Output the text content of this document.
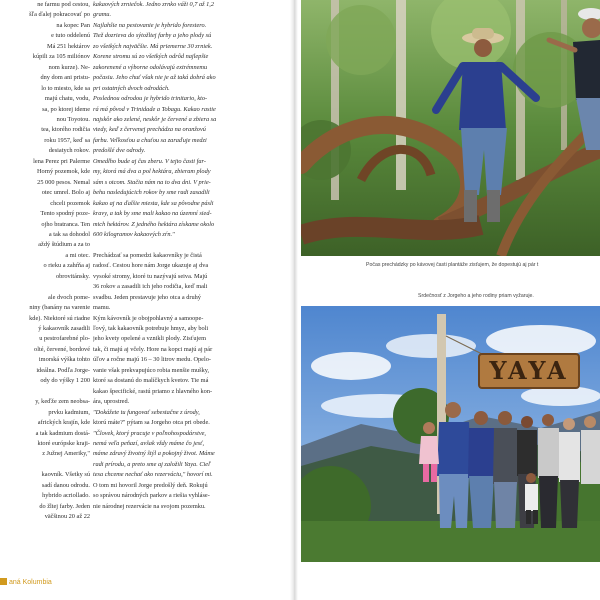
ne farmu pod cestou,

šľa ďalej pokracovať po

na kopec Pan

e tuto oddelenú

Má 251 hektárov

kúpili za 105 miliónov

nom kurze). Ne-

dny dom ani pristu-

lo to miesto, kde sa

majú chatu, vodu,

sa, po ktorej ideme

nou Toyotou.

tea, ktorého rodičia

roku 1957, keď sa

desiatych rokov.

lena Perez pri Palerme

Horný pozemok, kde

25 000 pesos. Nemal

otec umrel. Bolo aj

chceli pozemok

Tento spodný poze-

ojho bratranca. Ten

a tak sa dohodol

aždý štúdium a za to

a mi otec.

o rieku a zahŕňa aj

obrovitánsky.

ale dvoch pome-

niny (banány na varenie

kde). Niektoré sú riadne

ý kakaovník zasadili

u pestrofarebné plo-

olté, červené, bordové

imorská výška tohto

ideálna. Podľa Jorge-

ody do výšky 1 200

y, keďže zem neobsa-

prvku kadmium,

afrických krajín, kde

a tak kadmium dostá-

ktoré európske kraji-

z Južnej Ameriky,"

kaovník. Všetky sú

sadí danou odrodu.

hybrido acriollado.

do žltej farby. Jeden

väčšinou 20 až 22

kakaových zrniečok. Jedno zrnko váži 0,7 až 1,2

gramu.

Najlahšie na pestovanie je hybrido forestero.

Tiež dozrieva do sýtožltej farby a jeho plody sú

zo všetkých najväčšie. Má priemerne 30 zrniek.

Korene stromu sú zo všetkých odrôd najlepšie

zakorenené a výborne odolávajú extrémnemu

počasiu. Jeho chuť však nie je až taká dobrá ako

pri ostatných dvoch odrodách.

Poslednou odrodou je hybrido trinitario, kto-

rá má pôvod v Trinidade a Tobagu. Kakao rastie

najskôr ako zelené, neskôr je červené a zbiera sa

vtedy, keď z červenej prechádza na oranžovú

farbu. Veľkosťou a chuťou sa zaraďuje medzi

predošlé dve odrody.

Omedlho bude aj čas zberu. V tejto časti far-

my, ktorá má dva a pol hektára, zbieram plody

sám s otcom. Stačia nám na to dva dni. V prie-

behu nasledujúcich rokov by sme radi zasadili

kakao aj na ďalšie miesta, kde sa pôvodne pásli

kravy, a tak by sme mali kakao na územní sied-

mich hektárov. Z jedného hektára získame okolo

600 kilogramov kakaových zŕn."

Prechádzať sa pomedzi kakaovníky je čistá

radosť. Cestou hore nám Jorge ukazuje aj dva

vysoké stromy, ktoré tu nazývajú seiva. Majú

36 rokov a zasadili ich jeho rodičia, keď mali

svadbu. Jeden prestavuje jeho otca a druhý

mamu.

Kým kávovník je obojpohlavný a samoope-

ľový, tak kakaovník potrebuje hmyz, aby boli

jeho kvety opelené a vznikli plody. Zisťujem

tak, či majú aj včely. Hore na kopci majú aj pár

úľov a ročne majú 16 – 30 litrov medu. Opelo-

vanie však prekvapujúco robia menšie mušky,

ktoré sa dostanú do malíčkych kvetov. Tie má

kakao špecifické, rastú priamo z hlavného kon-

ára, uprostred.

"Dokážete tu fungovať sebestačne z úrody,

ktorú máte?" pýtam sa Jorgeho otca pri obede.

"Človek, ktorý pracuje v poľnohospodárstve,

nemá veľa peňazí, avšak vždy máme čo jesť,

máme zdravý životný štýl a pokojný život. Máme

radi prírodu, a preto sme aj založili Yaya. Cieľ

tesa chceme nechať ako rezerváciu," hovorí mi.

O tom mi hovoril Jorge predošlý deň. Rokujú

so správou národných parkov a riešia vyhláse-

nie národnej rezervácie na svojom pozemku.

Počas prechádzky po kávovej časti plantáže zisťujem, že dopestujú aj pár t
Srdečnosť z Jorgeho a jeho rodiny priam vyžaruje.
YAYA
aná Kolumbia
